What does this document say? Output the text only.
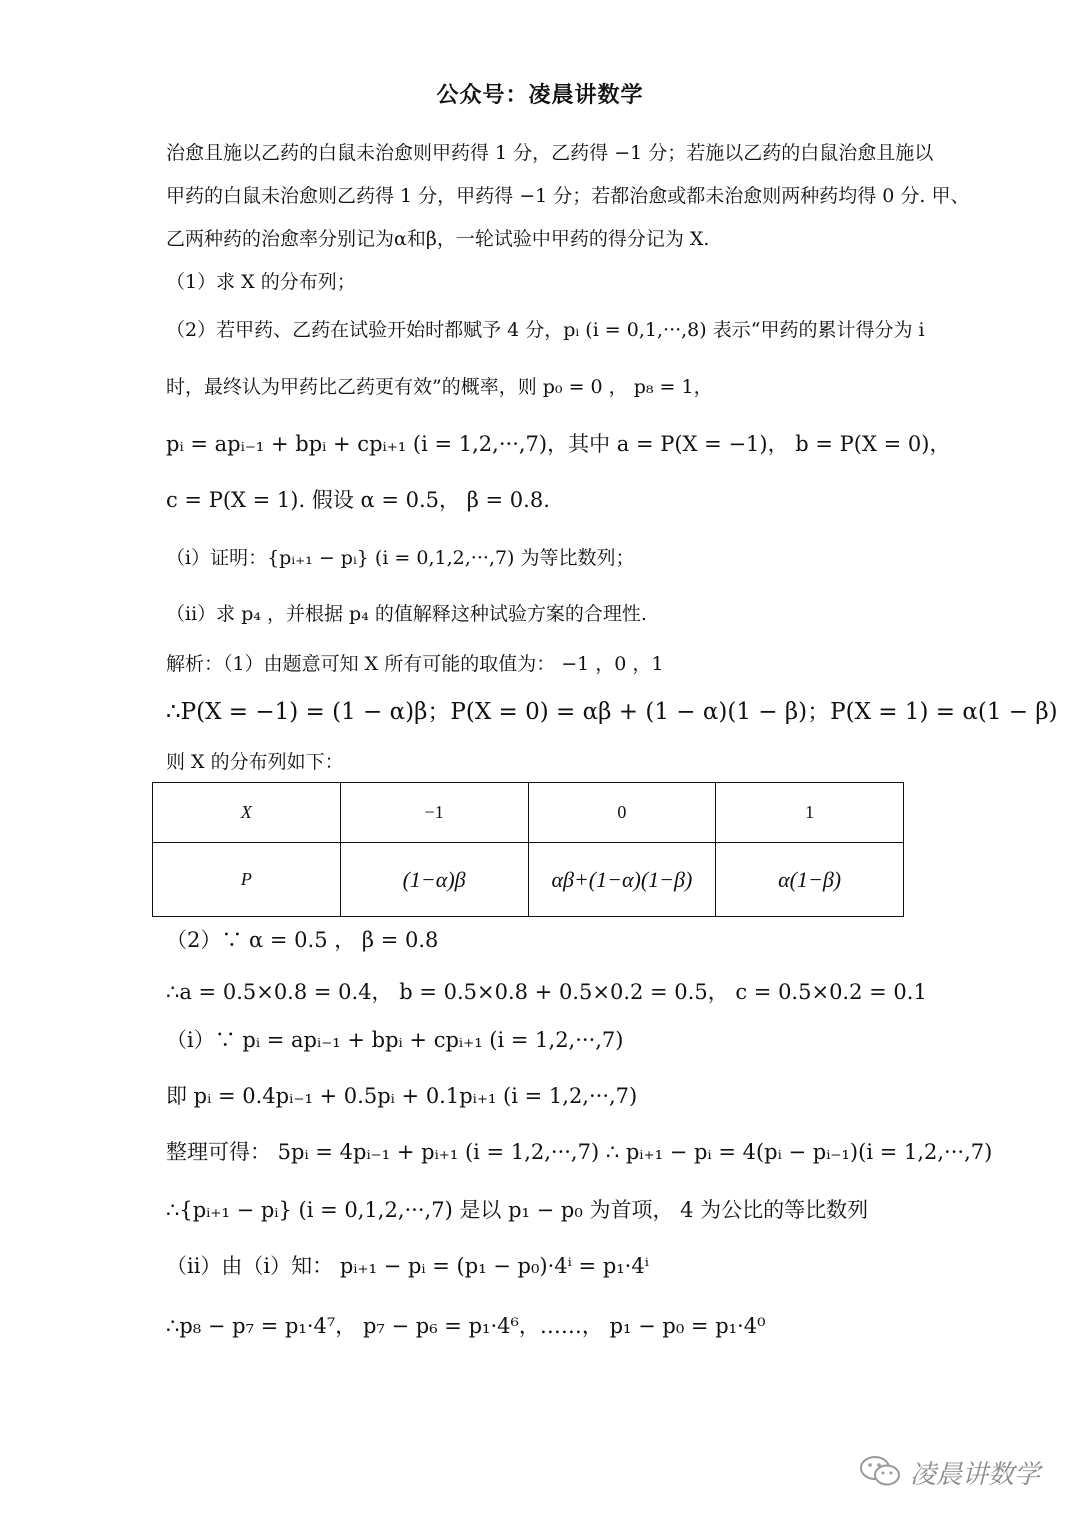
公众号：凌晨讲数学
治愈且施以乙药的白鼠未治愈则甲药得 1 分，乙药得 −1 分；若施以乙药的白鼠治愈且施以
甲药的白鼠未治愈则乙药得 1 分，甲药得 −1 分；若都治愈或都未治愈则两种药均得 0 分. 甲、
乙两种药的治愈率分别记为α和β，一轮试验中甲药的得分记为 X.
（1）求 X 的分布列；
（2）若甲药、乙药在试验开始时都赋予 4 分，pᵢ (i = 0,1,···,8) 表示“甲药的累计得分为 i
时，最终认为甲药比乙药更有效”的概率，则 p₀ = 0 ， p₈ = 1，
pᵢ = apᵢ₋₁ + bpᵢ + cpᵢ₊₁ (i = 1,2,···,7)，其中 a = P(X = −1)， b = P(X = 0)，
c = P(X = 1). 假设 α = 0.5， β = 0.8.
（i）证明：{pᵢ₊₁ − pᵢ} (i = 0,1,2,···,7) 为等比数列；
（ii）求 p₄ ，并根据 p₄ 的值解释这种试验方案的合理性.
解析：（1）由题意可知 X 所有可能的取值为： −1 ，0 ，1
∴P(X = −1) = (1 − α)β；P(X = 0) = αβ + (1 − α)(1 − β)；P(X = 1) = α(1 − β)
则 X 的分布列如下：
X	−1	0	1
P	(1−α)β	αβ+(1−α)(1−β)	α(1−β)
（2）∵ α = 0.5 ， β = 0.8
∴a = 0.5×0.8 = 0.4， b = 0.5×0.8 + 0.5×0.2 = 0.5， c = 0.5×0.2 = 0.1
（i）∵ pᵢ = apᵢ₋₁ + bpᵢ + cpᵢ₊₁ (i = 1,2,···,7)
即 pᵢ = 0.4pᵢ₋₁ + 0.5pᵢ + 0.1pᵢ₊₁ (i = 1,2,···,7)
整理可得： 5pᵢ = 4pᵢ₋₁ + pᵢ₊₁ (i = 1,2,···,7) ∴ pᵢ₊₁ − pᵢ = 4(pᵢ − pᵢ₋₁)(i = 1,2,···,7)
∴{pᵢ₊₁ − pᵢ} (i = 0,1,2,···,7) 是以 p₁ − p₀ 为首项， 4 为公比的等比数列
（ii）由（i）知： pᵢ₊₁ − pᵢ = (p₁ − p₀)·4ⁱ = p₁·4ⁱ
∴p₈ − p₇ = p₁·4⁷， p₇ − p₆ = p₁·4⁶，……， p₁ − p₀ = p₁·4⁰
凌晨讲数学
